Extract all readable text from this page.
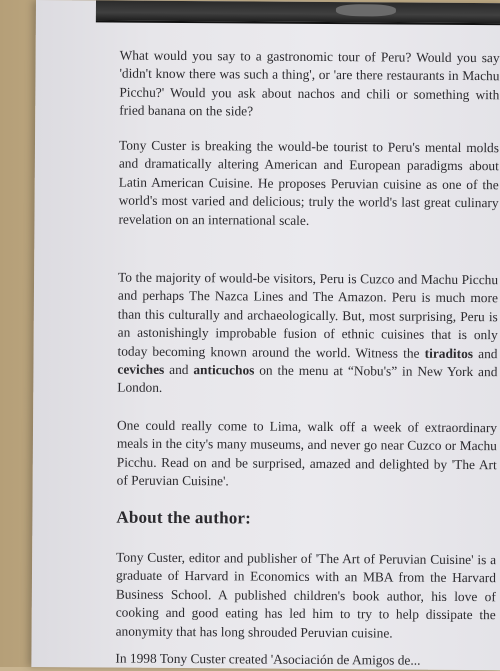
What would you say to a gastronomic tour of Peru? Would you say 'didn't know there was such a thing', or 'are there restaurants in Machu Picchu?' Would you ask about nachos and chili or something with fried banana on the side?

Tony Custer is breaking the would-be tourist to Peru's mental molds and dramatically altering American and European paradigms about Latin American Cuisine. He proposes Peruvian cuisine as one of the world's most varied and delicious; truly the world's last great culinary revelation on an international scale.

To the majority of would-be visitors, Peru is Cuzco and Machu Picchu and perhaps The Nazca Lines and The Amazon. Peru is much more than this culturally and archaeologically. But, most surprising, Peru is an astonishingly improbable fusion of ethnic cuisines that is only today becoming known around the world. Witness the tiraditos and ceviches and anticuchos on the menu at “Nobu's” in New York and London.

One could really come to Lima, walk off a week of extraordinary meals in the city's many museums, and never go near Cuzco or Machu Picchu. Read on and be surprised, amazed and delighted by 'The Art of Peruvian Cuisine'.

About the author:

Tony Custer, editor and publisher of 'The Art of Peruvian Cuisine' is a graduate of Harvard in Economics with an MBA from the Harvard Business School. A published children's book author, his love of cooking and good eating has led him to try to help dissipate the anonymity that has long shrouded Peruvian cuisine.

In 1998 Tony Custer created 'Asociación de Amigos de...
